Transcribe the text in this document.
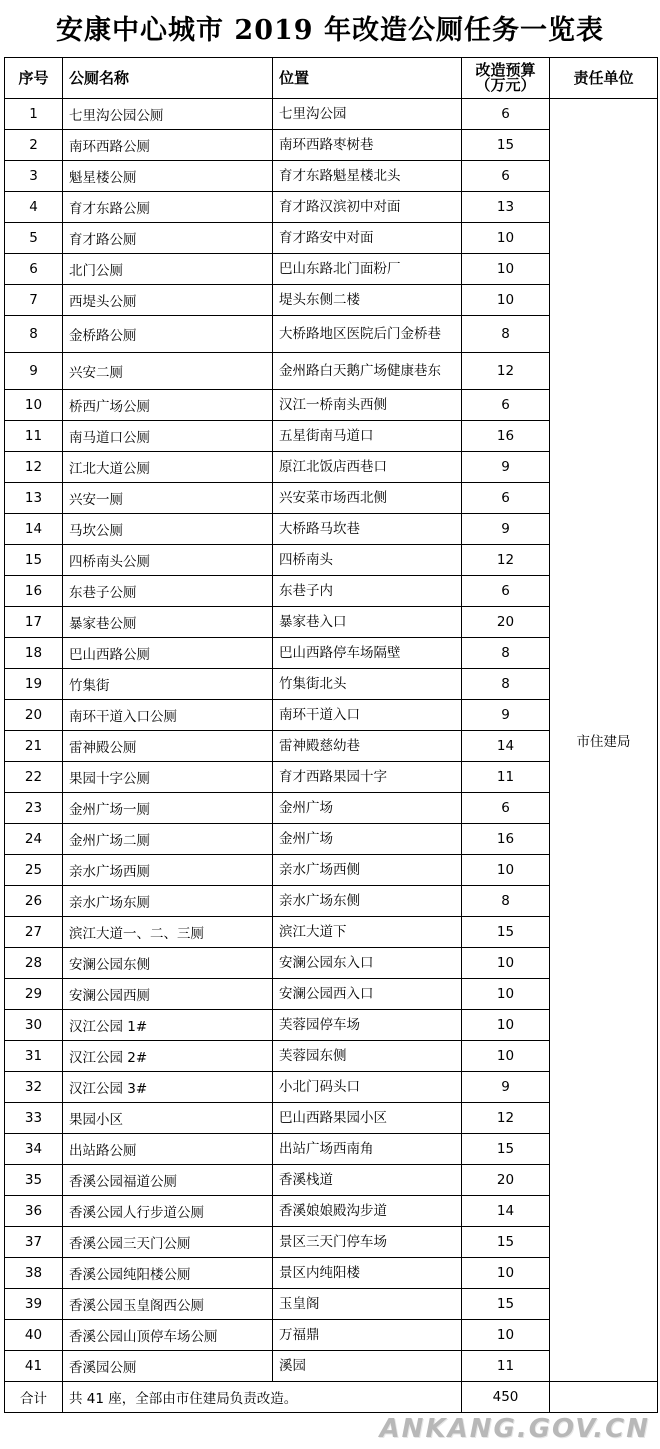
安康中心城市 2019 年改造公厕任务一览表
序号	公厕名称	位置	改造预算（万元）	责任单位
1	七里沟公园公厕	七里沟公园	6	市住建局
2	南环西路公厕	南环西路枣树巷	15	
3	魁星楼公厕	育才东路魁星楼北头	6	
4	育才东路公厕	育才路汉滨初中对面	13	
5	育才路公厕	育才路安中对面	10	
6	北门公厕	巴山东路北门面粉厂	10	
7	西堤头公厕	堤头东侧二楼	10	
8	金桥路公厕	大桥路地区医院后门金桥巷	8	
9	兴安二厕	金州路白天鹅广场健康巷东	12	
10	桥西广场公厕	汉江一桥南头西侧	6	
11	南马道口公厕	五星街南马道口	16	
12	江北大道公厕	原江北饭店西巷口	9	
13	兴安一厕	兴安菜市场西北侧	6	
14	马坎公厕	大桥路马坎巷	9	
15	四桥南头公厕	四桥南头	12	
16	东巷子公厕	东巷子内	6	
17	暴家巷公厕	暴家巷入口	20	
18	巴山西路公厕	巴山西路停车场隔壁	8	
19	竹集街	竹集街北头	8	
20	南环干道入口公厕	南环干道入口	9	
21	雷神殿公厕	雷神殿慈幼巷	14	
22	果园十字公厕	育才西路果园十字	11	
23	金州广场一厕	金州广场	6	
24	金州广场二厕	金州广场	16	
25	亲水广场西厕	亲水广场西侧	10	
26	亲水广场东厕	亲水广场东侧	8	
27	滨江大道一、二、三厕	滨江大道下	15	
28	安澜公园东侧	安澜公园东入口	10	
29	安澜公园西厕	安澜公园西入口	10	
30	汉江公园 1#	芙蓉园停车场	10	
31	汉江公园 2#	芙蓉园东侧	10	
32	汉江公园 3#	小北门码头口	9	
33	果园小区	巴山西路果园小区	12	
34	出站路公厕	出站广场西南角	15	
35	香溪公园福道公厕	香溪栈道	20	
36	香溪公园人行步道公厕	香溪娘娘殿沟步道	14	
37	香溪公园三天门公厕	景区三天门停车场	15	
38	香溪公园纯阳楼公厕	景区内纯阳楼	10	
39	香溪公园玉皇阁西公厕	玉皇阁	15	
40	香溪公园山顶停车场公厕	万福鼎	10	
41	香溪园公厕	溪园	11	
合计	共 41 座，全部由市住建局负责改造。		450	
ANKANG.GOV.CN
